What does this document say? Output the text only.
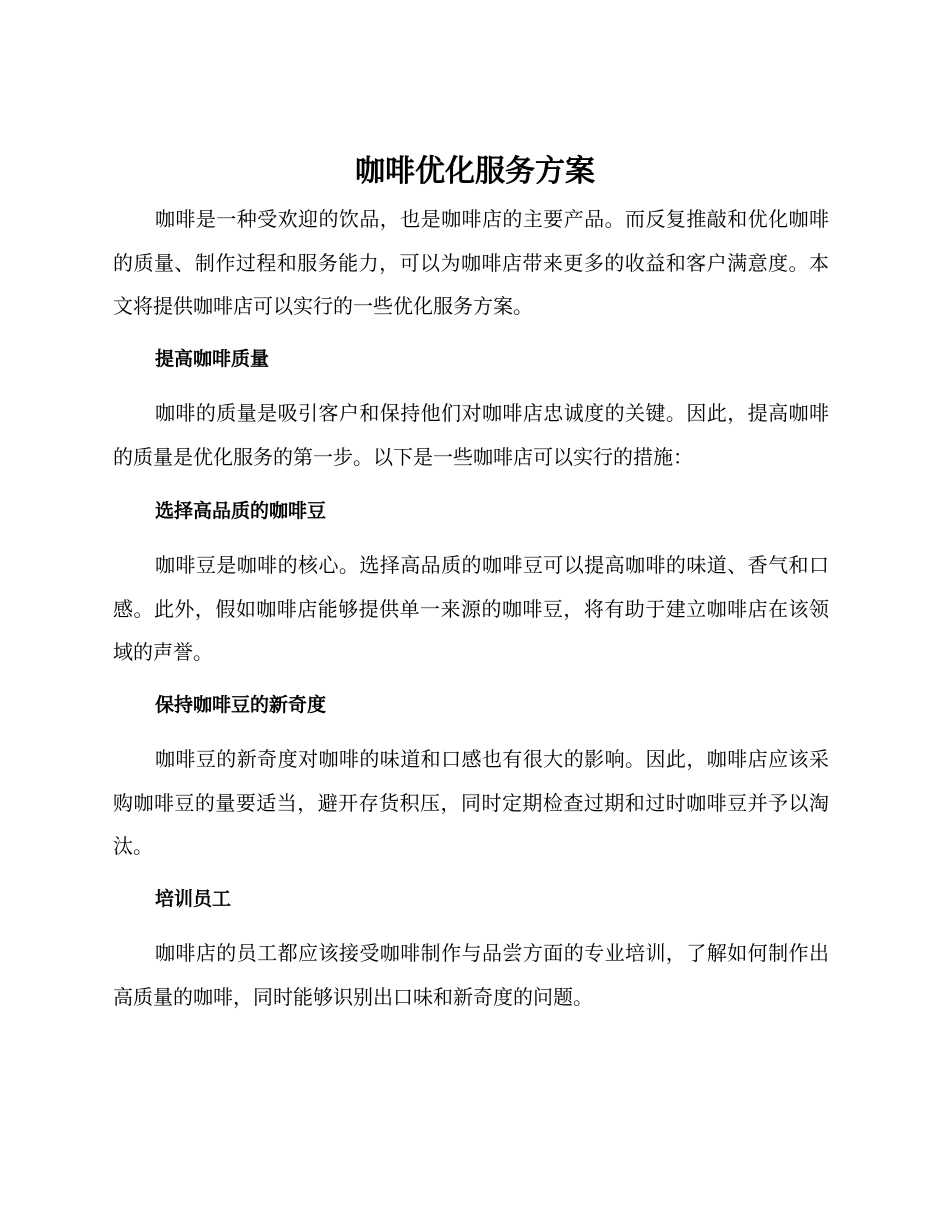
咖啡优化服务方案

咖啡是一种受欢迎的饮品，也是咖啡店的主要产品。而反复推敲和优化咖啡的质量、制作过程和服务能力，可以为咖啡店带来更多的收益和客户满意度。本文将提供咖啡店可以实行的一些优化服务方案。

提高咖啡质量

咖啡的质量是吸引客户和保持他们对咖啡店忠诚度的关键。因此，提高咖啡的质量是优化服务的第一步。以下是一些咖啡店可以实行的措施：

选择高品质的咖啡豆

咖啡豆是咖啡的核心。选择高品质的咖啡豆可以提高咖啡的味道、香气和口感。此外，假如咖啡店能够提供单一来源的咖啡豆，将有助于建立咖啡店在该领域的声誉。

保持咖啡豆的新奇度

咖啡豆的新奇度对咖啡的味道和口感也有很大的影响。因此，咖啡店应该采购咖啡豆的量要适当，避开存货积压，同时定期检查过期和过时咖啡豆并予以淘汰。

培训员工

咖啡店的员工都应该接受咖啡制作与品尝方面的专业培训，了解如何制作出高质量的咖啡，同时能够识别出口味和新奇度的问题。
